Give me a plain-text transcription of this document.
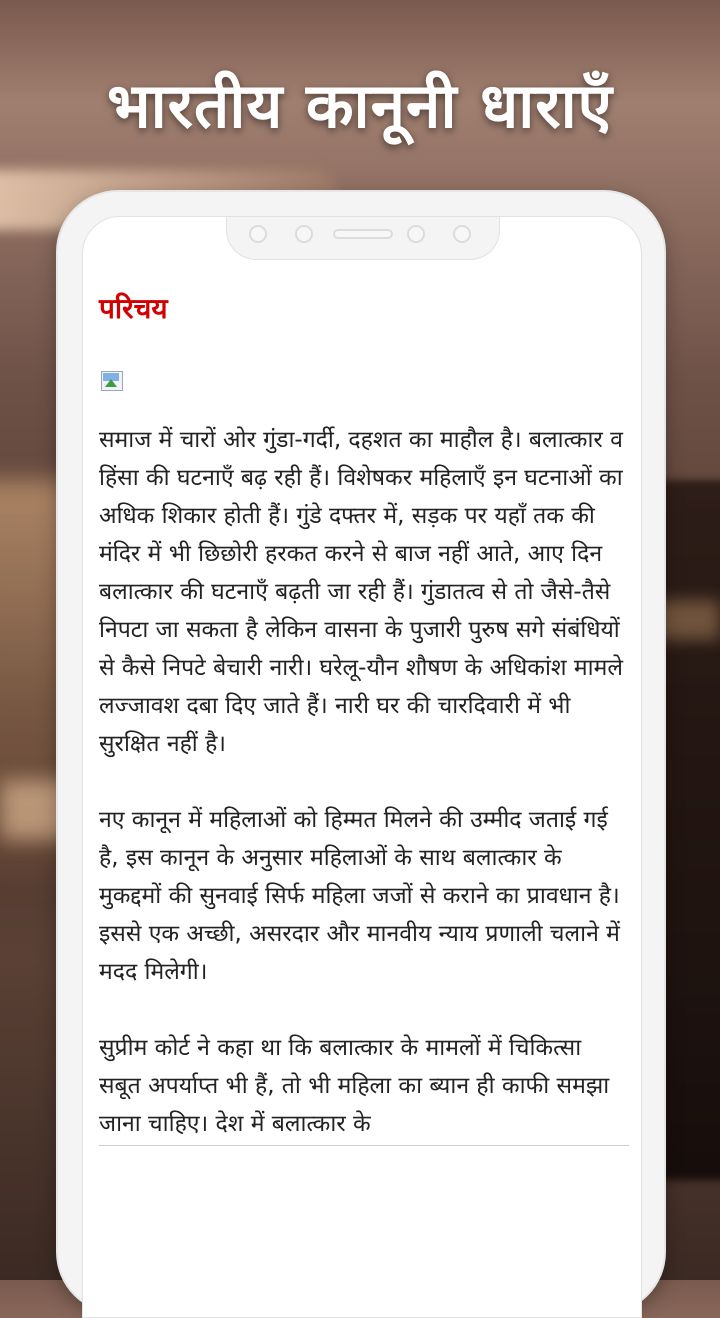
भारतीय कानूनी धाराएँ
परिचय

समाज में चारों ओर गुंडा-गर्दी, दहशत का माहौल है। बलात्कार व हिंसा की घटनाएँ बढ़ रही हैं। विशेषकर महिलाएँ इन घटनाओं का अधिक शिकार होती हैं। गुंडे दफ्तर में, सड़क पर यहाँ तक की मंदिर में भी छिछोरी हरकत करने से बाज नहीं आते, आए दिन बलात्कार की घटनाएँ बढ़ती जा रही हैं। गुंडातत्व से तो जैसे-तैसे निपटा जा सकता है लेकिन वासना के पुजारी पुरुष सगे संबंधियों से कैसे निपटे बेचारी नारी। घरेलू-यौन शौषण के अधिकांश मामले लज्जावश दबा दिए जाते हैं। नारी घर की चारदिवारी में भी सुरक्षित नहीं है।

नए कानून में महिलाओं को हिम्मत मिलने की उम्मीद जताई गई है, इस कानून के अनुसार महिलाओं के साथ बलात्कार के मुकद्दमों की सुनवाई सिर्फ महिला जजों से कराने का प्रावधान है। इससे एक अच्छी, असरदार और मानवीय न्याय प्रणाली चलाने में मदद मिलेगी।

सुप्रीम कोर्ट ने कहा था कि बलात्कार के मामलों में चिकित्सा सबूत अपर्याप्त भी हैं, तो भी महिला का ब्यान ही काफी समझा जाना चाहिए। देश में बलात्कार के
